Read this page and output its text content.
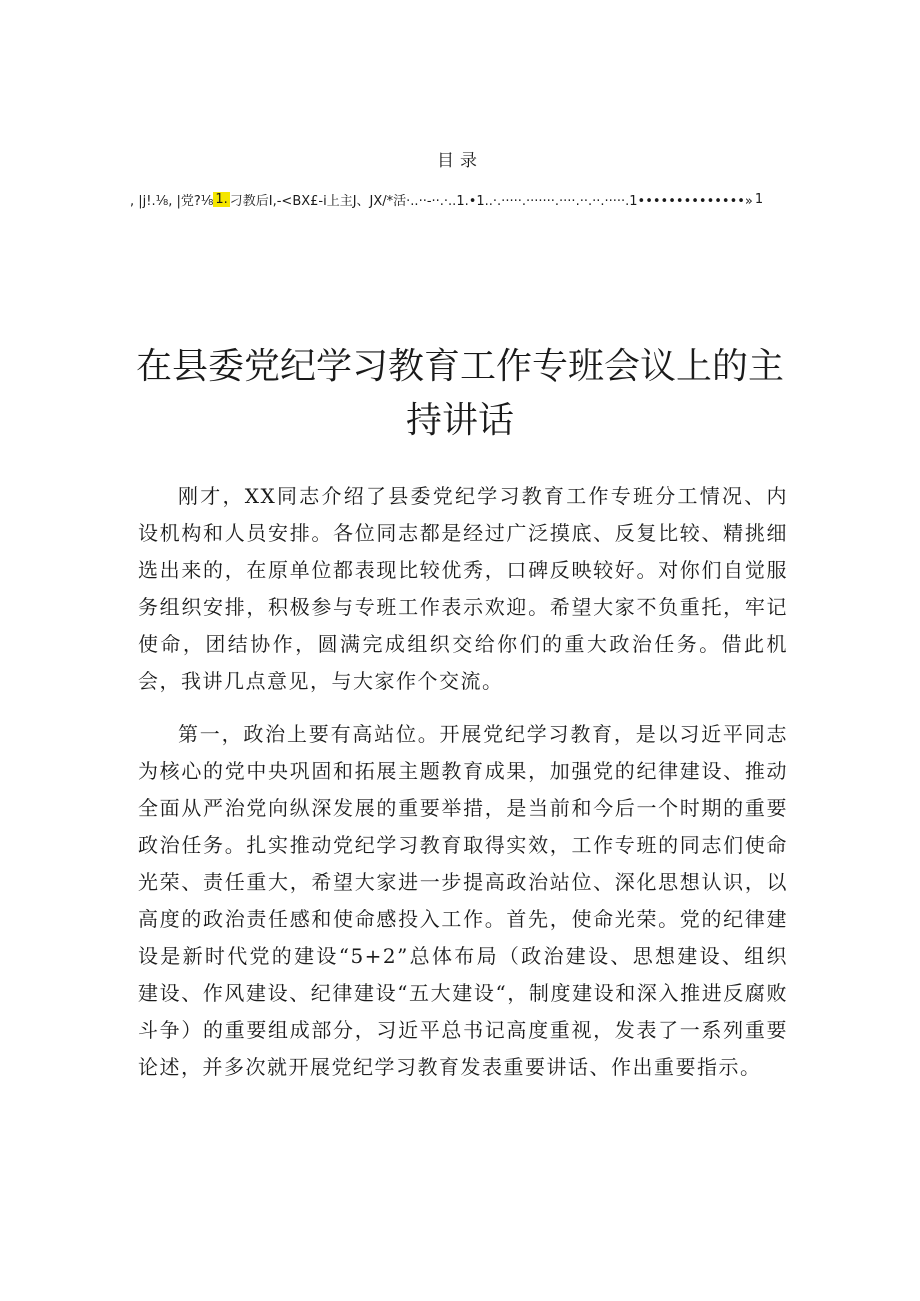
目录
, |j!.⅛, |党?⅛ 1. 刁教后I,-<BX£-i上主J、JX/*活·..··-··.·..1.•1..·.·····.·······.····.··.··.·····.1••••••••••••••» 1
在县委党纪学习教育工作专班会议上的主持讲话

刚才，XX同志介绍了县委党纪学习教育工作专班分工情况、内设机构和人员安排。各位同志都是经过广泛摸底、反复比较、精挑细选出来的，在原单位都表现比较优秀，口碑反映较好。对你们自觉服务组织安排，积极参与专班工作表示欢迎。希望大家不负重托，牢记使命，团结协作，圆满完成组织交给你们的重大政治任务。借此机会，我讲几点意见，与大家作个交流。

第一，政治上要有高站位。开展党纪学习教育，是以习近平同志为核心的党中央巩固和拓展主题教育成果，加强党的纪律建设、推动全面从严治党向纵深发展的重要举措，是当前和今后一个时期的重要政治任务。扎实推动党纪学习教育取得实效，工作专班的同志们使命光荣、责任重大，希望大家进一步提高政治站位、深化思想认识，以高度的政治责任感和使命感投入工作。首先，使命光荣。党的纪律建设是新时代党的建设“5+2”总体布局（政治建设、思想建设、组织建设、作风建设、纪律建设“五大建设“，制度建设和深入推进反腐败斗争）的重要组成部分，习近平总书记高度重视，发表了一系列重要论述，并多次就开展党纪学习教育发表重要讲话、作出重要指示。
